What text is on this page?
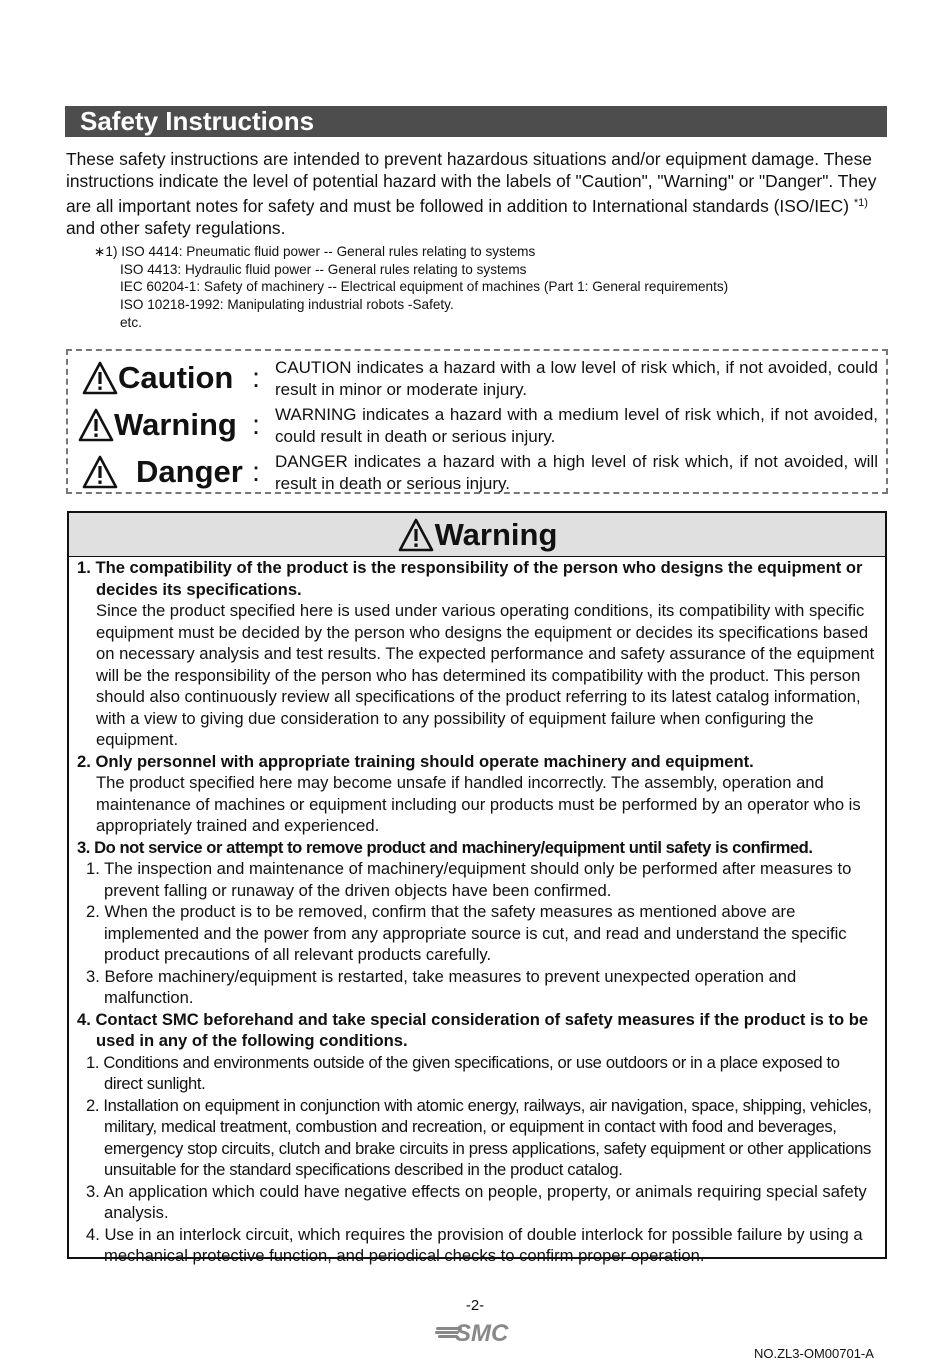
Safety Instructions
These safety instructions are intended to prevent hazardous situations and/or equipment damage. These instructions indicate the level of potential hazard with the labels of "Caution", "Warning" or "Danger". They are all important notes for safety and must be followed in addition to International standards (ISO/IEC) $^{*1)}$ and other safety regulations.
∗1) ISO 4414: Pneumatic fluid power -- General rules relating to systems
ISO 4413: Hydraulic fluid power -- General rules relating to systems
IEC 60204-1: Safety of machinery -- Electrical equipment of machines (Part 1: General requirements)
ISO 10218-1992: Manipulating industrial robots -Safety.
etc.
Caution : CAUTION indicates a hazard with a low level of risk which, if not avoided, could result in minor or moderate injury.
Warning : WARNING indicates a hazard with a medium level of risk which, if not avoided, could result in death or serious injury.
Danger : DANGER indicates a hazard with a high level of risk which, if not avoided, will result in death or serious injury.
Warning
1. The compatibility of the product is the responsibility of the person who designs the equipment or decides its specifications.
Since the product specified here is used under various operating conditions, its compatibility with specific equipment must be decided by the person who designs the equipment or decides its specifications based on necessary analysis and test results. The expected performance and safety assurance of the equipment will be the responsibility of the person who has determined its compatibility with the product. This person should also continuously review all specifications of the product referring to its latest catalog information, with a view to giving due consideration to any possibility of equipment failure when configuring the equipment.
2. Only personnel with appropriate training should operate machinery and equipment.
The product specified here may become unsafe if handled incorrectly. The assembly, operation and maintenance of machines or equipment including our products must be performed by an operator who is appropriately trained and experienced.
3. Do not service or attempt to remove product and machinery/equipment until safety is confirmed.
1. The inspection and maintenance of machinery/equipment should only be performed after measures to prevent falling or runaway of the driven objects have been confirmed.
2. When the product is to be removed, confirm that the safety measures as mentioned above are implemented and the power from any appropriate source is cut, and read and understand the specific product precautions of all relevant products carefully.
3. Before machinery/equipment is restarted, take measures to prevent unexpected operation and malfunction.
4. Contact SMC beforehand and take special consideration of safety measures if the product is to be used in any of the following conditions.
1. Conditions and environments outside of the given specifications, or use outdoors or in a place exposed to direct sunlight.
2. Installation on equipment in conjunction with atomic energy, railways, air navigation, space, shipping, vehicles, military, medical treatment, combustion and recreation, or equipment in contact with food and beverages, emergency stop circuits, clutch and brake circuits in press applications, safety equipment or other applications unsuitable for the standard specifications described in the product catalog.
3. An application which could have negative effects on people, property, or animals requiring special safety analysis.
4. Use in an interlock circuit, which requires the provision of double interlock for possible failure by using a mechanical protective function, and periodical checks to confirm proper operation.
-2-
SMC
NO.ZL3-OM00701-A
